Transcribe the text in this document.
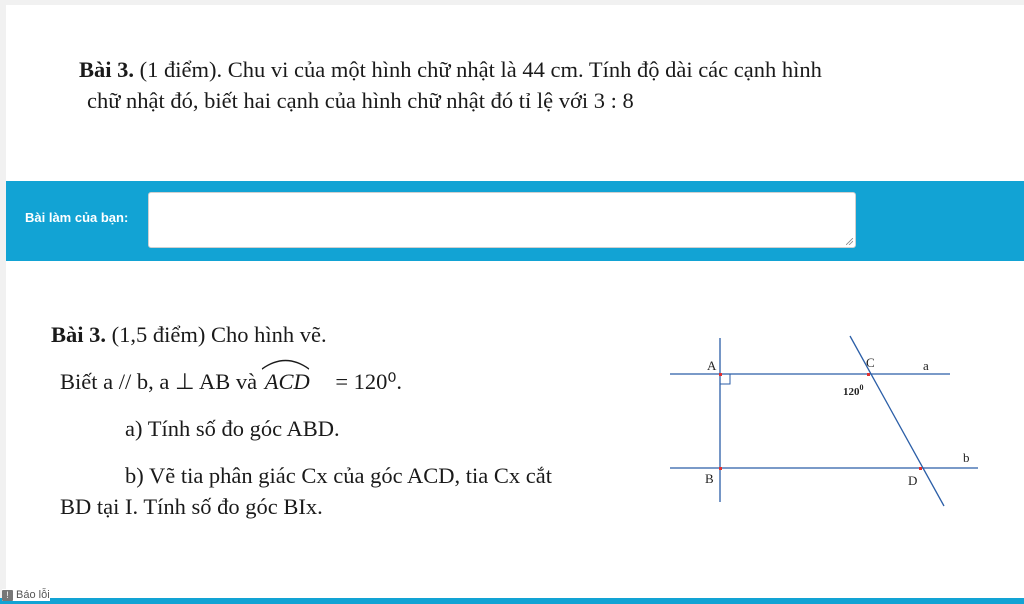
Bài 3. (1 điểm). Chu vi của một hình chữ nhật là 44 cm. Tính độ dài các cạnh hình
chữ nhật đó, biết hai cạnh của hình chữ nhật đó tỉ lệ với 3 : 8
Bài làm của bạn:
Bài 3. (1,5 điểm) Cho hình vẽ.
Biết a // b, a ⊥ AB và ACD = 120⁰.
a) Tính số đo góc ABD.
b) Vẽ tia phân giác Cx của góc ACD, tia Cx cắt
BD tại I. Tính số đo góc BIx.
A
B
C
D
a
b
$120^0$
! Báo lỗi
